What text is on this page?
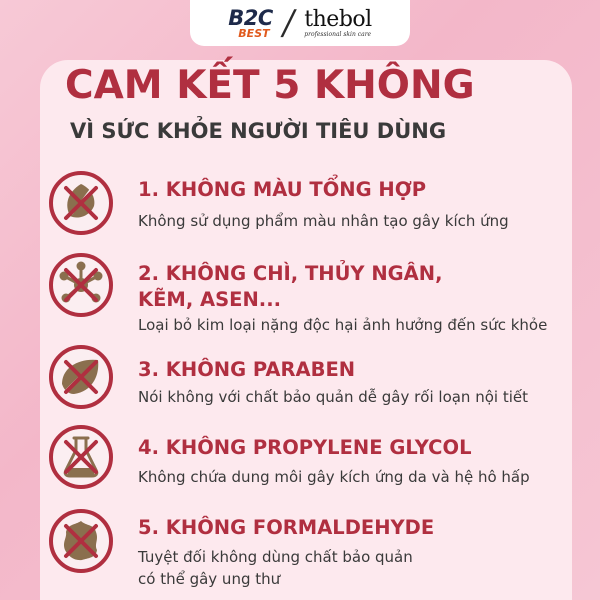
B2C
BEST / thebol
professional skin care
CAM KẾT 5 KHÔNG
VÌ SỨC KHỎE NGƯỜI TIÊU DÙNG
1. KHÔNG MÀU TỔNG HỢP
Không sử dụng phẩm màu nhân tạo gây kích ứng
2. KHÔNG CHÌ, THỦY NGÂN,
KẼM, ASEN...
Loại bỏ kim loại nặng độc hại ảnh hưởng đến sức khỏe
3. KHÔNG PARABEN
Nói không với chất bảo quản dễ gây rối loạn nội tiết
4. KHÔNG PROPYLENE GLYCOL
Không chứa dung môi gây kích ứng da và hệ hô hấp
5. KHÔNG FORMALDEHYDE
Tuyệt đối không dùng chất bảo quản
có thể gây ung thư
